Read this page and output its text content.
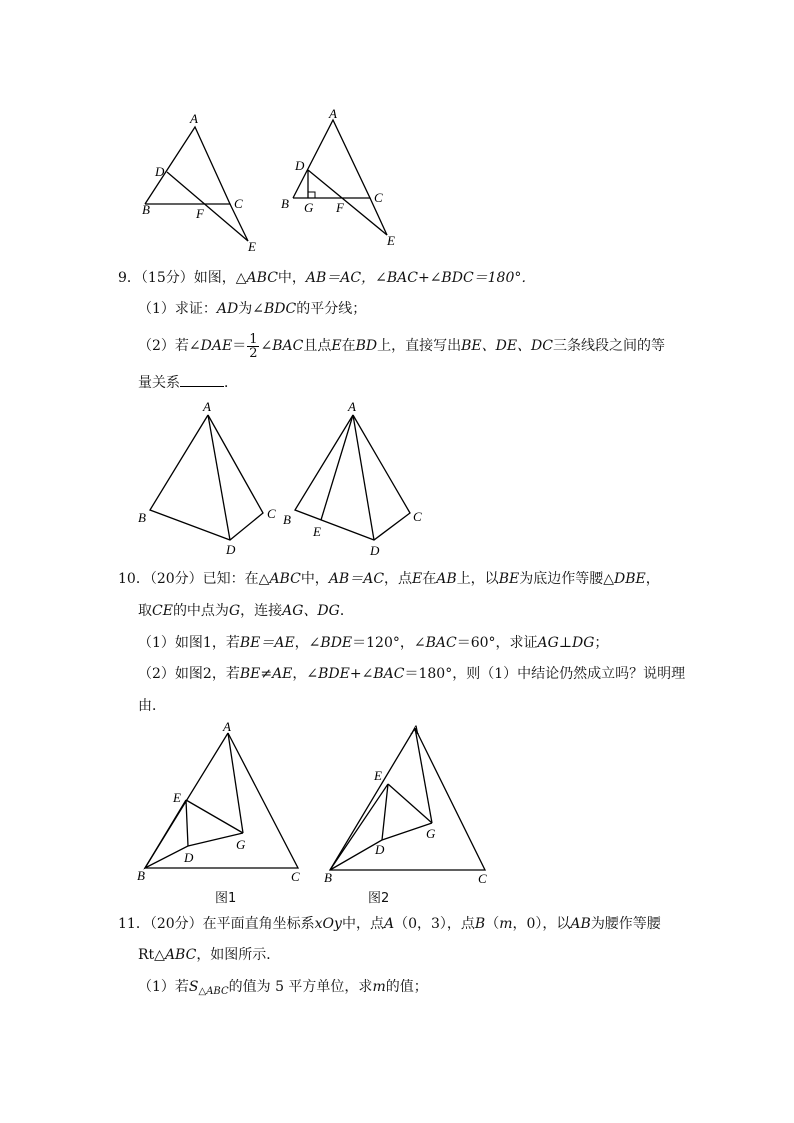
A
D
B	F
C
E
A
D
B G F
C
E
9．（15分）如图，△ABC中，AB＝AC，∠BAC+∠BDC＝180°．
（1）求证：AD为∠BDC的平分线；
（2）若∠DAE＝ $\frac{1}{2}$ ∠BAC且点E在BD上，直接写出BE、DE、DC三条线段之间的等
量关系	．
A
B	C
D
A
B
E
C
D
10．（20分）已知：在△ABC中，AB＝AC，点E在AB上，以BE为底边作等腰△DBE，
取CE的中点为G，连接AG、DG．
（1）如图1，若BE＝AE，∠BDE＝120°，∠BAC＝60°，求证AG⊥DG；
（2）如图2，若BE≠AE，∠BDE+∠BAC＝180°，则（1）中结论仍然成立吗？说明理
由．
A
E
G
D
B	C
图1
A
E
G
D
B	C
图2
11．（20分）在平面直角坐标系xOy中，点A（0，3），点B（m，0），以AB为腰作等腰
Rt△ABC，如图所示．
（1）若$S_{\triangle ABC}$的值为 5 平方单位，求m的值；
